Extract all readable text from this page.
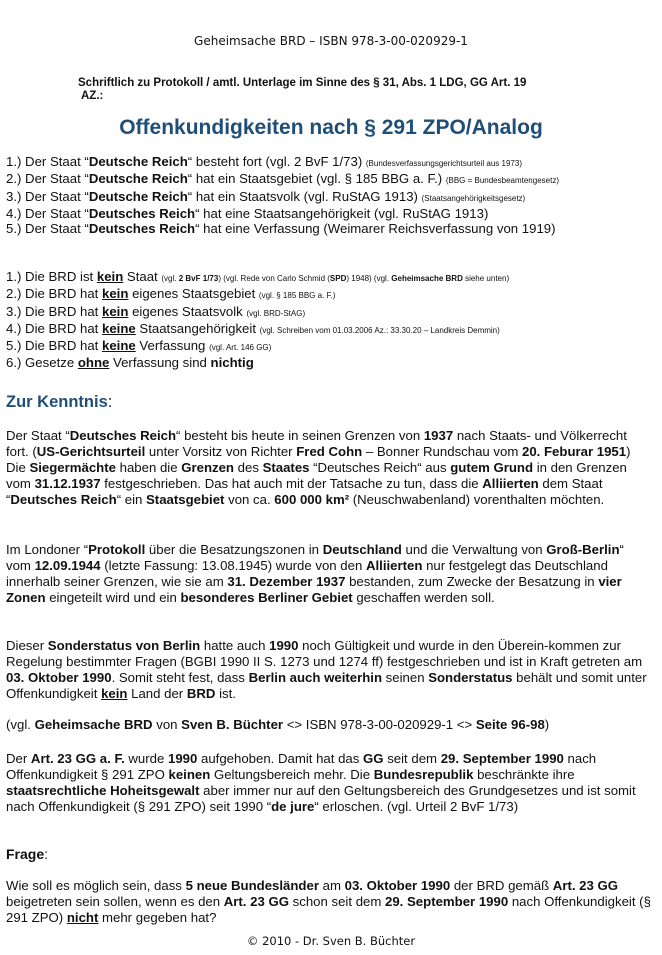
Geheimsache BRD – ISBN 978-3-00-020929-1
Schriftlich zu Protokoll / amtl. Unterlage im Sinne des § 31, Abs. 1 LDG, GG Art. 19
AZ.:
Offenkundigkeiten nach § 291 ZPO/Analog
1.) Der Staat “Deutsche Reich“ besteht fort (vgl. 2 BvF 1/73) (Bundesverfassungsgerichtsurteil aus 1973)
2.) Der Staat “Deutsche Reich“ hat ein Staatsgebiet (vgl. § 185 BBG a. F.) (BBG = Bundesbeamtengesetz)
3.) Der Staat “Deutsche Reich“ hat ein Staatsvolk (vgl. RuStAG 1913) (Staatsangehörigkeitsgesetz)
4.) Der Staat “Deutsches Reich“ hat eine Staatsangehörigkeit (vgl. RuStAG 1913)
5.) Der Staat “Deutsches Reich“ hat eine Verfassung (Weimarer Reichsverfassung von 1919)
1.) Die BRD ist kein Staat (vgl. 2 BvF 1/73) (vgl. Rede von Carlo Schmid (SPD) 1948) (vgl. Geheimsache BRD siehe unten)
2.) Die BRD hat kein eigenes Staatsgebiet (vgl. § 185 BBG a. F.)
3.) Die BRD hat kein eigenes Staatsvolk (vgl. BRD-StAG)
4.) Die BRD hat keine Staatsangehörigkeit (vgl. Schreiben vom 01.03.2006 Az.: 33.30.20 – Landkreis Demmin)
5.) Die BRD hat keine Verfassung (vgl. Art. 146 GG)
6.) Gesetze ohne Verfassung sind nichtig
Zur Kenntnis:
Der Staat “Deutsches Reich“ besteht bis heute in seinen Grenzen von 1937 nach Staats- und Völkerrecht fort. (US-Gerichtsurteil unter Vorsitz von Richter Fred Cohn – Bonner Rundschau vom 20. Feburar 1951) Die Siegermächte haben die Grenzen des Staates “Deutsches Reich“ aus gutem Grund in den Grenzen vom 31.12.1937 festgeschrieben. Das hat auch mit der Tatsache zu tun, dass die Alliierten dem Staat “Deutsches Reich“ ein Staatsgebiet von ca. 600 000 km² (Neuschwabenland) vorenthalten möchten.
Im Londoner “Protokoll über die Besatzungszonen in Deutschland und die Verwaltung von Groß-Berlin“ vom 12.09.1944 (letzte Fassung: 13.08.1945) wurde von den Alliierten nur festgelegt das Deutschland innerhalb seiner Grenzen, wie sie am 31. Dezember 1937 bestanden, zum Zwecke der Besatzung in vier Zonen eingeteilt wird und ein besonderes Berliner Gebiet geschaffen werden soll.
Dieser Sonderstatus von Berlin hatte auch 1990 noch Gültigkeit und wurde in den Überein-kommen zur Regelung bestimmter Fragen (BGBI 1990 II S. 1273 und 1274 ff) festgeschrieben und ist in Kraft getreten am 03. Oktober 1990. Somit steht fest, dass Berlin auch weiterhin seinen Sonderstatus behält und somit unter Offenkundigkeit kein Land der BRD ist.
(vgl. Geheimsache BRD von Sven B. Büchter <> ISBN 978-3-00-020929-1 <> Seite 96-98)
Der Art. 23 GG a. F. wurde 1990 aufgehoben. Damit hat das GG seit dem 29. September 1990 nach Offenkundigkeit § 291 ZPO keinen Geltungsbereich mehr. Die Bundesrepublik beschränkte ihre staatsrechtliche Hoheitsgewalt aber immer nur auf den Geltungsbereich des Grundgesetzes und ist somit nach Offenkundigkeit (§ 291 ZPO) seit 1990 “de jure“ erloschen. (vgl. Urteil 2 BvF 1/73)
Frage:
Wie soll es möglich sein, dass 5 neue Bundesländer am 03. Oktober 1990 der BRD gemäß Art. 23 GG beigetreten sein sollen, wenn es den Art. 23 GG schon seit dem 29. September 1990 nach Offenkundigkeit (§ 291 ZPO) nicht mehr gegeben hat?
© 2010 - Dr. Sven B. Büchter
